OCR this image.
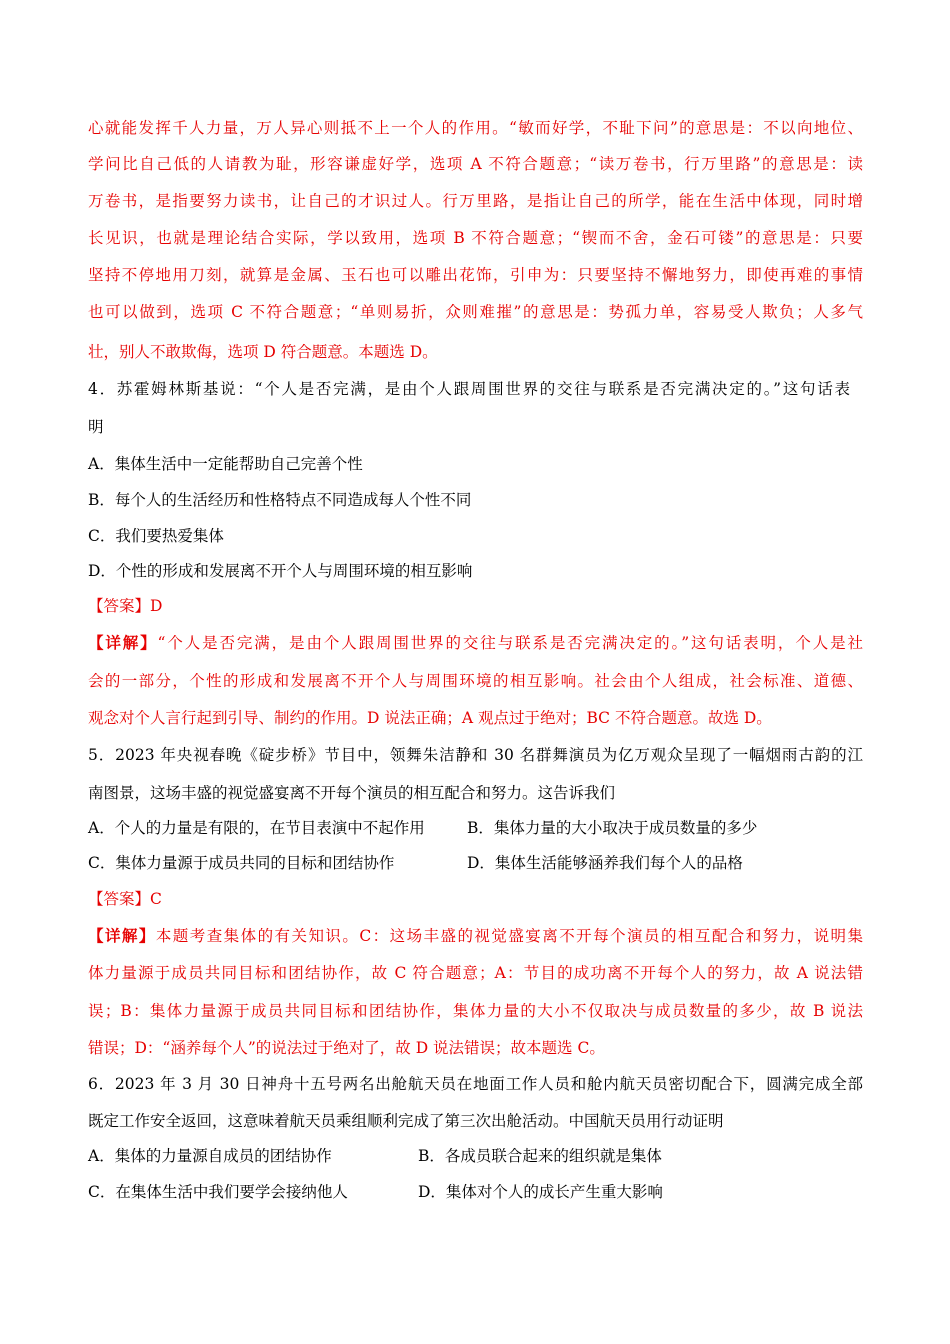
心就能发挥千人力量，万人异心则抵不上一个人的作用。“敏而好学，不耻下问”的意思是：不以向地位、
学问比自己低的人请教为耻，形容谦虚好学，选项 A 不符合题意；“读万卷书，行万里路”的意思是：读
万卷书，是指要努力读书，让自己的才识过人。行万里路，是指让自己的所学，能在生活中体现，同时增
长见识，也就是理论结合实际，学以致用，选项 B 不符合题意；“锲而不舍，金石可镂”的意思是：只要
坚持不停地用刀刻，就算是金属、玉石也可以雕出花饰，引申为：只要坚持不懈地努力，即使再难的事情
也可以做到，选项 C 不符合题意；“单则易折，众则难摧”的意思是：势孤力单，容易受人欺负；人多气
壮，别人不敢欺侮，选项 D 符合题意。本题选 D。
4．苏霍姆林斯基说：“个人是否完满，是由个人跟周围世界的交往与联系是否完满决定的。”这句话表
明
A．集体生活中一定能帮助自己完善个性
B．每个人的生活经历和性格特点不同造成每人个性不同
C．我们要热爱集体
D．个性的形成和发展离不开个人与周围环境的相互影响
【答案】D
【详解】“个人是否完满，是由个人跟周围世界的交往与联系是否完满决定的。”这句话表明，个人是社
会的一部分，个性的形成和发展离不开个人与周围环境的相互影响。社会由个人组成，社会标准、道德、
观念对个人言行起到引导、制约的作用。D 说法正确；A 观点过于绝对；BC 不符合题意。故选 D。
5．2023 年央视春晚《碇步桥》节目中，领舞朱洁静和 30 名群舞演员为亿万观众呈现了一幅烟雨古韵的江
南图景，这场丰盛的视觉盛宴离不开每个演员的相互配合和努力。这告诉我们
A．个人的力量是有限的，在节目表演中不起作用	B．集体力量的大小取决于成员数量的多少
C．集体力量源于成员共同的目标和团结协作	D．集体生活能够涵养我们每个人的品格
【答案】C
【详解】本题考查集体的有关知识。C：这场丰盛的视觉盛宴离不开每个演员的相互配合和努力，说明集
体力量源于成员共同目标和团结协作，故 C 符合题意；A：节目的成功离不开每个人的努力，故 A 说法错
误；B：集体力量源于成员共同目标和团结协作，集体力量的大小不仅取决与成员数量的多少，故 B 说法
错误；D：“涵养每个人”的说法过于绝对了，故 D 说法错误；故本题选 C。
6．2023 年 3 月 30 日神舟十五号两名出舱航天员在地面工作人员和舱内航天员密切配合下，圆满完成全部
既定工作安全返回，这意味着航天员乘组顺利完成了第三次出舱活动。中国航天员用行动证明
A．集体的力量源自成员的团结协作	B．各成员联合起来的组织就是集体
C．在集体生活中我们要学会接纳他人	D．集体对个人的成长产生重大影响
